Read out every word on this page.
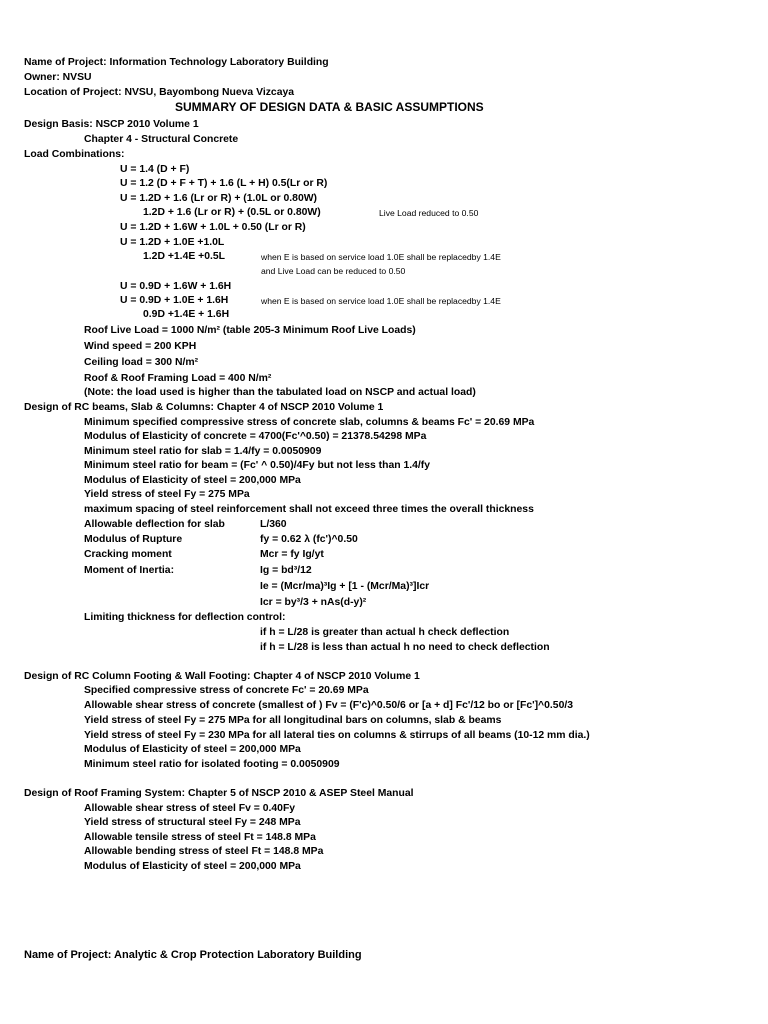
Name of Project: Information Technology Laboratory Building
Owner: NVSU
Location of Project: NVSU, Bayombong Nueva Vizcaya
SUMMARY OF DESIGN DATA & BASIC ASSUMPTIONS
Design Basis: NSCP 2010 Volume 1
Chapter 4 - Structural Concrete
Load Combinations:
U = 1.4 (D + F)
U = 1.2 (D + F + T) + 1.6 (L + H) 0.5(Lr or R)
U = 1.2D + 1.6 (Lr or R) + (1.0L or 0.80W)
1.2D + 1.6 (Lr or R) + (0.5L or 0.80W)	Live Load reduced to 0.50
U = 1.2D + 1.6W + 1.0L + 0.50 (Lr or R)
U = 1.2D + 1.0E +1.0L
1.2D +1.4E +0.5L	when E is based on service load 1.0E shall be replacedby 1.4E
and Live Load can be reduced to 0.50
U = 0.9D + 1.6W + 1.6H
U = 0.9D + 1.0E + 1.6H	when E is based on service load 1.0E shall be replacedby 1.4E
0.9D +1.4E + 1.6H
Roof Live Load = 1000 N/m² (table 205-3 Minimum Roof Live Loads)
Wind speed = 200 KPH
Ceiling load = 300 N/m²
Roof & Roof Framing Load = 400 N/m²
(Note: the load used is higher than the tabulated load on NSCP and actual load)
Design of RC beams, Slab & Columns: Chapter 4 of NSCP 2010 Volume 1
Minimum specified compressive stress of concrete slab, columns & beams Fc' = 20.69 MPa
Modulus of Elasticity of concrete = 4700(Fc'^0.50) = 21378.54298 MPa
Minimum steel ratio for slab = 1.4/fy = 0.0050909
Minimum steel ratio for beam = (Fc' ^ 0.50)/4Fy but not less than 1.4/fy
Modulus of Elasticity of steel = 200,000 MPa
Yield stress of steel Fy = 275 MPa
maximum spacing of steel reinforcement shall not exceed three times the overall thickness
Allowable deflection for slab	L/360
Modulus of Rupture	fy = 0.62 λ (fc')^0.50
Cracking moment	Mcr = fy Ig/yt
Moment of Inertia:	Ig = bd³/12
Ie = (Mcr/ma)³Ig + [1 - (Mcr/Ma)³]Icr
Icr = by³/3 + nAs(d-y)²
Limiting thickness for deflection control:
if h = L/28 is greater than actual h check deflection
if h = L/28 is less than actual h no need to check deflection
Design of RC Column Footing & Wall Footing: Chapter 4 of NSCP 2010 Volume 1
Specified compressive stress of concrete Fc' = 20.69 MPa
Allowable shear stress of concrete (smallest of ) Fv = (F'c)^0.50/6 or [a + d] Fc'/12 bo or [Fc']^0.50/3
Yield stress of steel Fy = 275 MPa for all longitudinal bars on columns, slab & beams
Yield stress of steel Fy = 230 MPa for all lateral ties on columns & stirrups of all beams (10-12 mm dia.)
Modulus of Elasticity of steel = 200,000 MPa
Minimum steel ratio for isolated footing = 0.0050909
Design of Roof Framing System: Chapter 5 of NSCP 2010 & ASEP Steel Manual
Allowable shear stress of steel Fv = 0.40Fy
Yield stress of structural steel Fy = 248 MPa
Allowable tensile stress of steel Ft = 148.8 MPa
Allowable bending stress of steel Ft = 148.8 MPa
Modulus of Elasticity of steel = 200,000 MPa
Name of Project: Analytic & Crop Protection Laboratory Building
